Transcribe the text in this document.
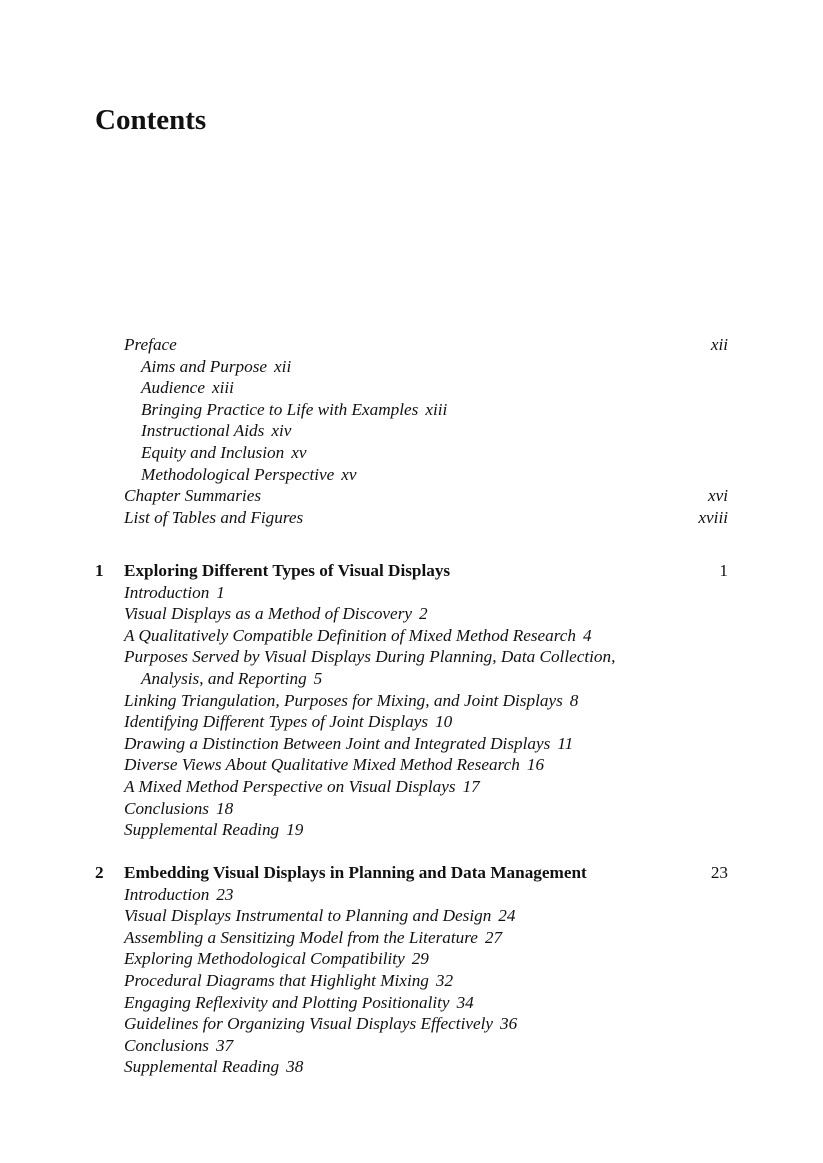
Contents
Preface	xii
Aims and Purpose xii
Audience xiii
Bringing Practice to Life with Examples xiii
Instructional Aids xiv
Equity and Inclusion xv
Methodological Perspective xv
Chapter Summaries	xvi
List of Tables and Figures	xviii
1 Exploring Different Types of Visual Displays	1
Introduction 1
Visual Displays as a Method of Discovery 2
A Qualitatively Compatible Definition of Mixed Method Research 4
Purposes Served by Visual Displays During Planning, Data Collection,
Analysis, and Reporting 5
Linking Triangulation, Purposes for Mixing, and Joint Displays 8
Identifying Different Types of Joint Displays 10
Drawing a Distinction Between Joint and Integrated Displays 11
Diverse Views About Qualitative Mixed Method Research 16
A Mixed Method Perspective on Visual Displays 17
Conclusions 18
Supplemental Reading 19
2 Embedding Visual Displays in Planning and Data Management	23
Introduction 23
Visual Displays Instrumental to Planning and Design 24
Assembling a Sensitizing Model from the Literature 27
Exploring Methodological Compatibility 29
Procedural Diagrams that Highlight Mixing 32
Engaging Reflexivity and Plotting Positionality 34
Guidelines for Organizing Visual Displays Effectively 36
Conclusions 37
Supplemental Reading 38
